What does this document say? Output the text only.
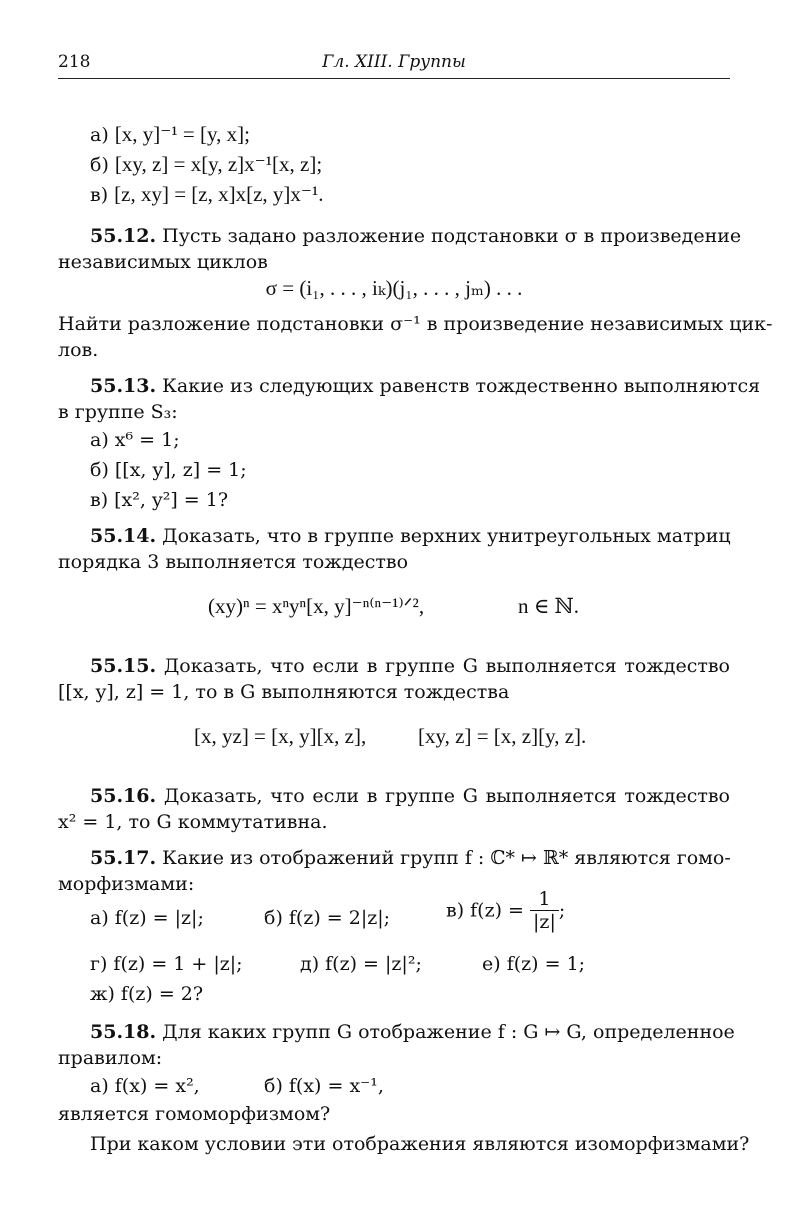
218	Гл. XIII. Группы
а) [x, y]⁻¹ = [y, x];
б) [xy, z] = x[y, z]x⁻¹[x, z];
в) [z, xy] = [z, x]x[z, y]x⁻¹.
55.12. Пусть задано разложение подстановки σ в произведение
независимых циклов
σ = (i₁, . . . , iₖ)(j₁, . . . , jₘ) . . .
Найти разложение подстановки σ⁻¹ в произведение независимых цик-
лов.
55.13. Какие из следующих равенств тождественно выполняются
в группе S₃:
а) x⁶ = 1;
б) [[x, y], z] = 1;
в) [x², y²] = 1?
55.14. Доказать, что в группе верхних унитреугольных матриц
порядка 3 выполняется тождество
(xy)ⁿ = xⁿyⁿ[x, y]⁻ⁿ⁽ⁿ⁻¹⁾ᐟ²,	n ∈ ℕ.
55.15. Доказать, что если в группе G выполняется тождество
[[x, y], z] = 1, то в G выполняются тождества
[x, yz] = [x, y][x, z], [xy, z] = [x, z][y, z].
55.16. Доказать, что если в группе G выполняется тождество
x² = 1, то G коммутативна.
55.17. Какие из отображений групп f : ℂ* ↦ ℝ* являются гомо-
морфизмами:
а) f(z) = |z|;	б) f(z) = 2|z|;	в) $f(z) = \frac{1}{|z|}$ ;
г) f(z) = 1 + |z|;	д) f(z) = |z|²;	е) f(z) = 1;
ж) f(z) = 2?
55.18. Для каких групп G отображение f : G ↦ G, определенное
правилом:
а) f(x) = x²,	б) f(x) = x⁻¹,
является гомоморфизмом?
При каком условии эти отображения являются изоморфизмами?
